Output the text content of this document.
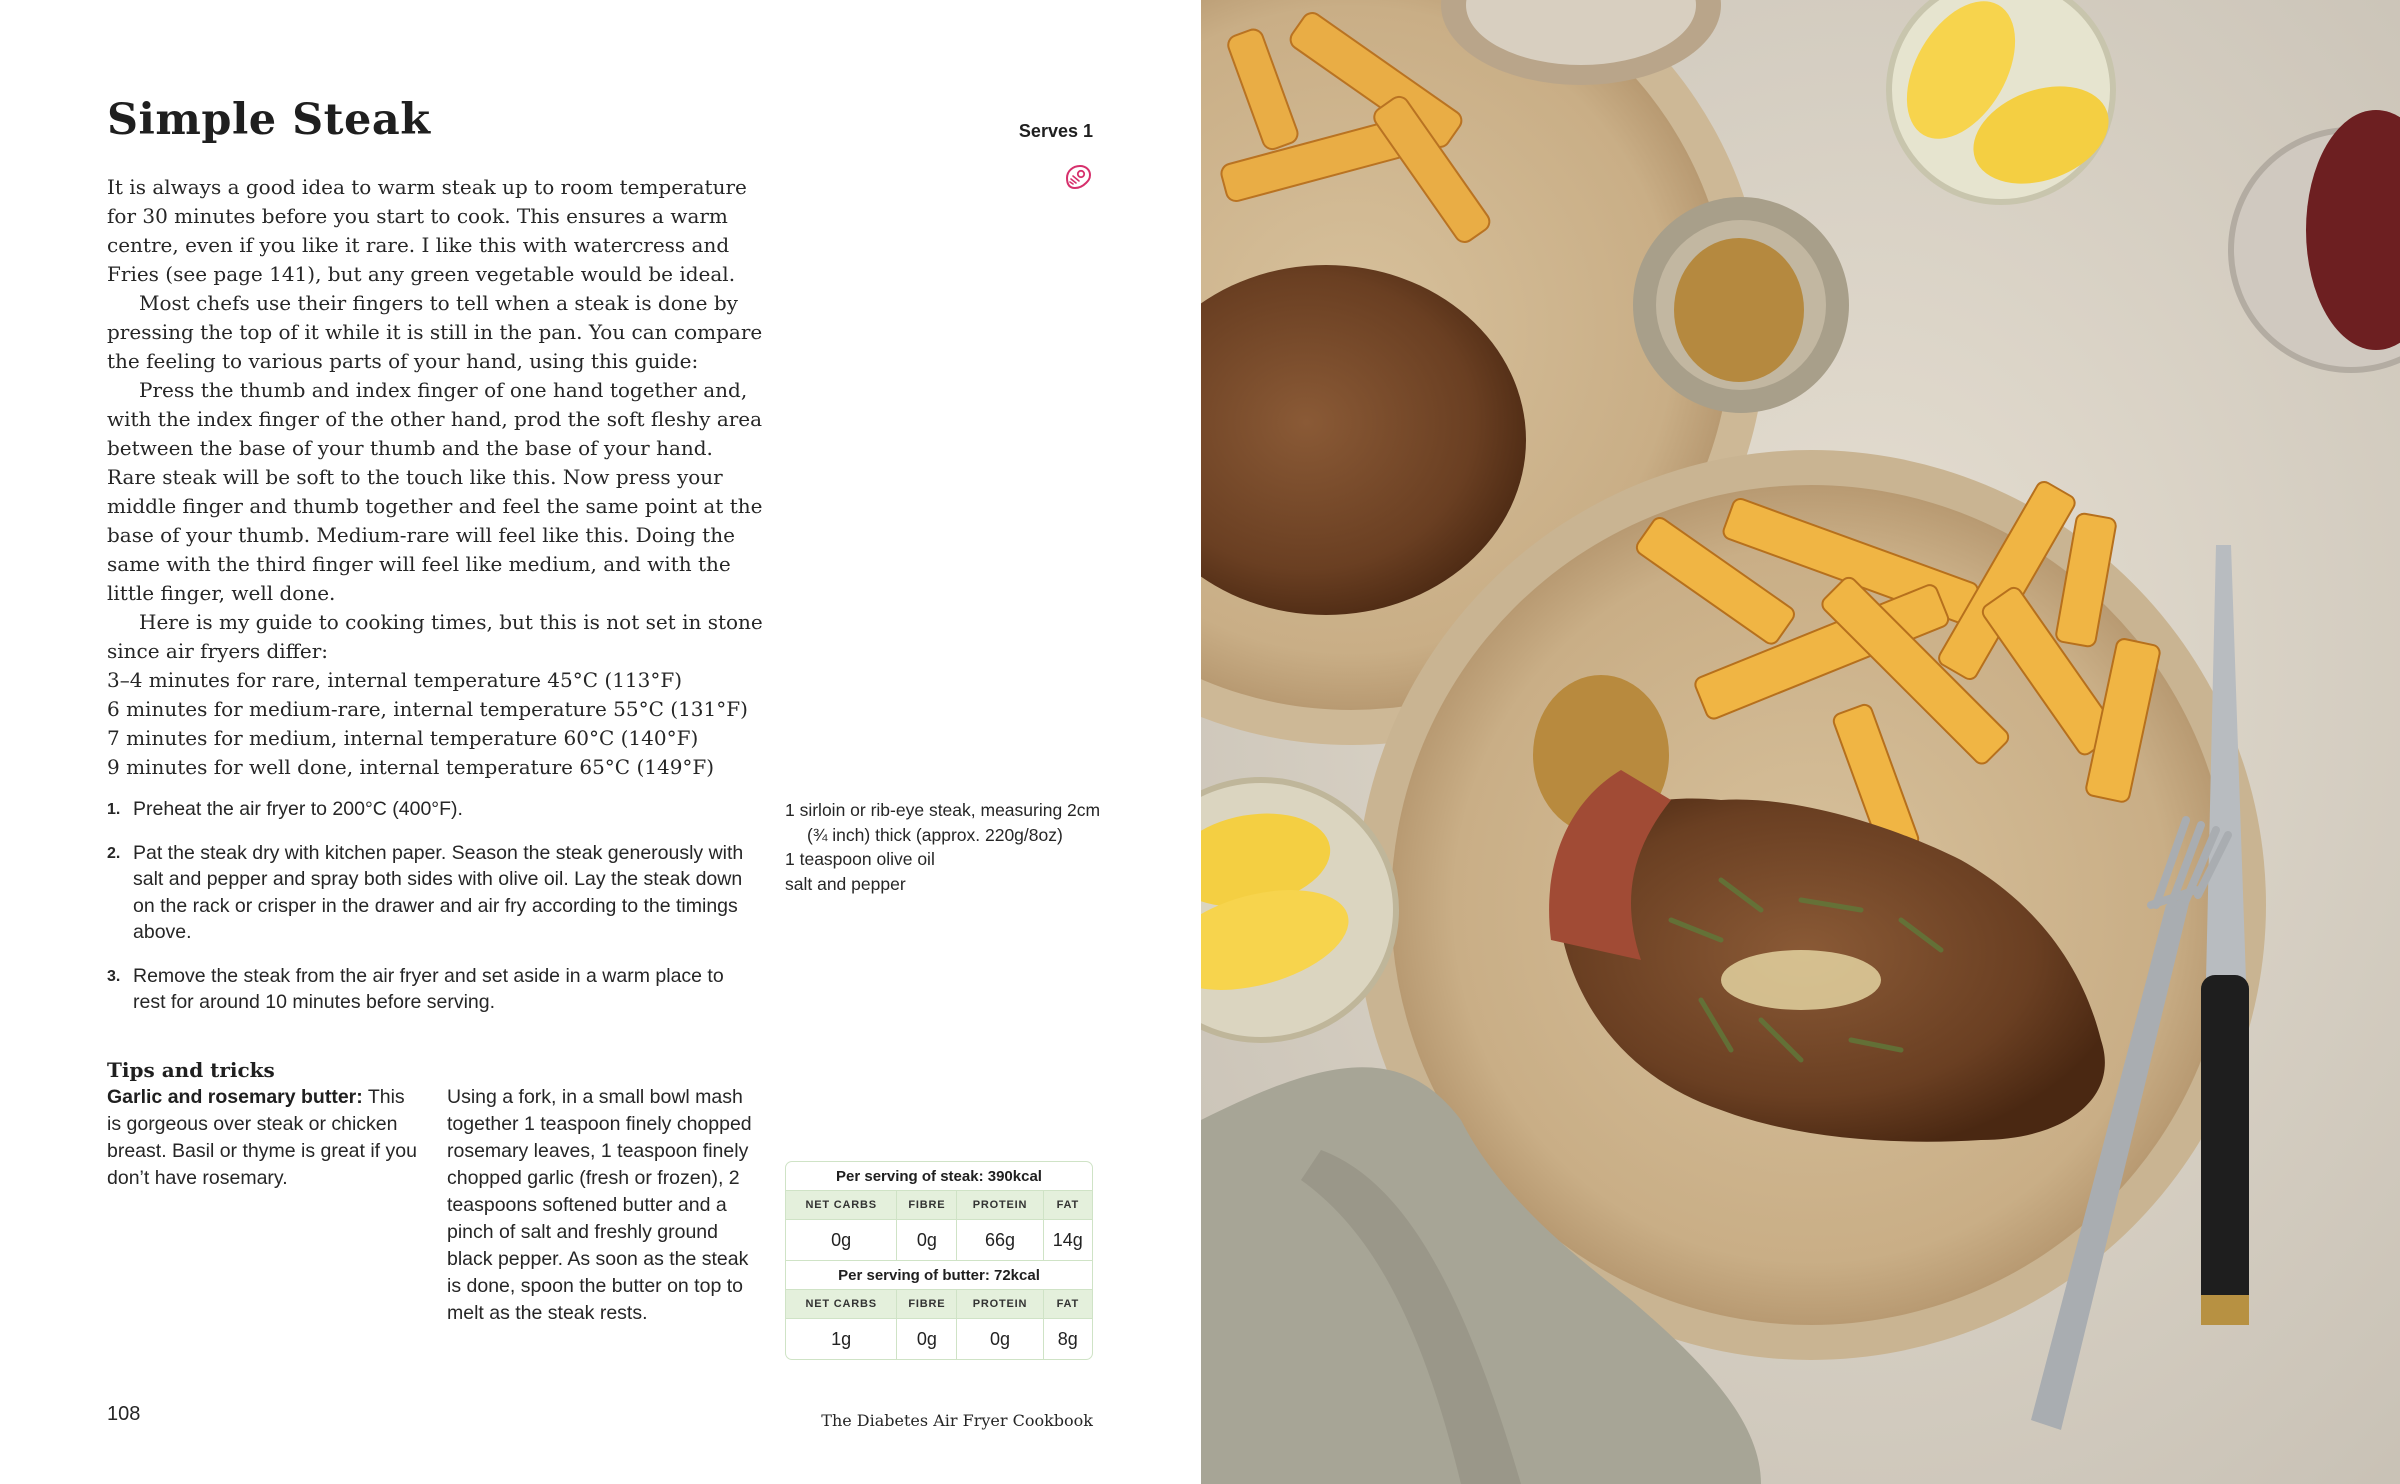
Simple Steak	Serves 1

It is always a good idea to warm steak up to room temperature for 30 minutes before you start to cook. This ensures a warm centre, even if you like it rare. I like this with watercress and Fries (see page 141), but any green vegetable would be ideal.

Most chefs use their fingers to tell when a steak is done by pressing the top of it while it is still in the pan. You can compare the feeling to various parts of your hand, using this guide:

Press the thumb and index finger of one hand together and, with the index finger of the other hand, prod the soft fleshy area between the base of your thumb and the base of your hand. Rare steak will be soft to the touch like this. Now press your middle finger and thumb together and feel the same point at the base of your thumb. Medium-rare will feel like this. Doing the same with the third finger will feel like medium, and with the little finger, well done.

Here is my guide to cooking times, but this is not set in stone since air fryers differ:

3–4 minutes for rare, internal temperature 45°C (113°F)

6 minutes for medium-rare, internal temperature 55°C (131°F)

7 minutes for medium, internal temperature 60°C (140°F)

9 minutes for well done, internal temperature 65°C (149°F)

1. Preheat the air fryer to 200°C (400°F).
2. Pat the steak dry with kitchen paper. Season the steak generously with salt and pepper and spray both sides with olive oil. Lay the steak down on the rack or crisper in the drawer and air fry according to the timings above.
3. Remove the steak from the air fryer and set aside in a warm place to rest for around 10 minutes before serving.
1 sirloin or rib-eye steak, measuring 2cm (¾ inch) thick (approx. 220g/8oz)
1 teaspoon olive oil
salt and pepper
Tips and tricks
Garlic and rosemary butter: This is gorgeous over steak or chicken breast. Basil or thyme is great if you don’t have rosemary.
Using a fork, in a small bowl mash together 1 teaspoon finely chopped rosemary leaves, 1 teaspoon finely chopped garlic (fresh or frozen), 2 teaspoons softened butter and a pinch of salt and freshly ground black pepper. As soon as the steak is done, spoon the butter on top to melt as the steak rests.
Per serving of steak: 390kcal			
NET CARBS	FIBRE	PROTEIN	FAT
0g	0g	66g	14g
Per serving of butter: 72kcal			
NET CARBS	FIBRE	PROTEIN	FAT
1g	0g	0g	8g
108	The Diabetes Air Fryer Cookbook
